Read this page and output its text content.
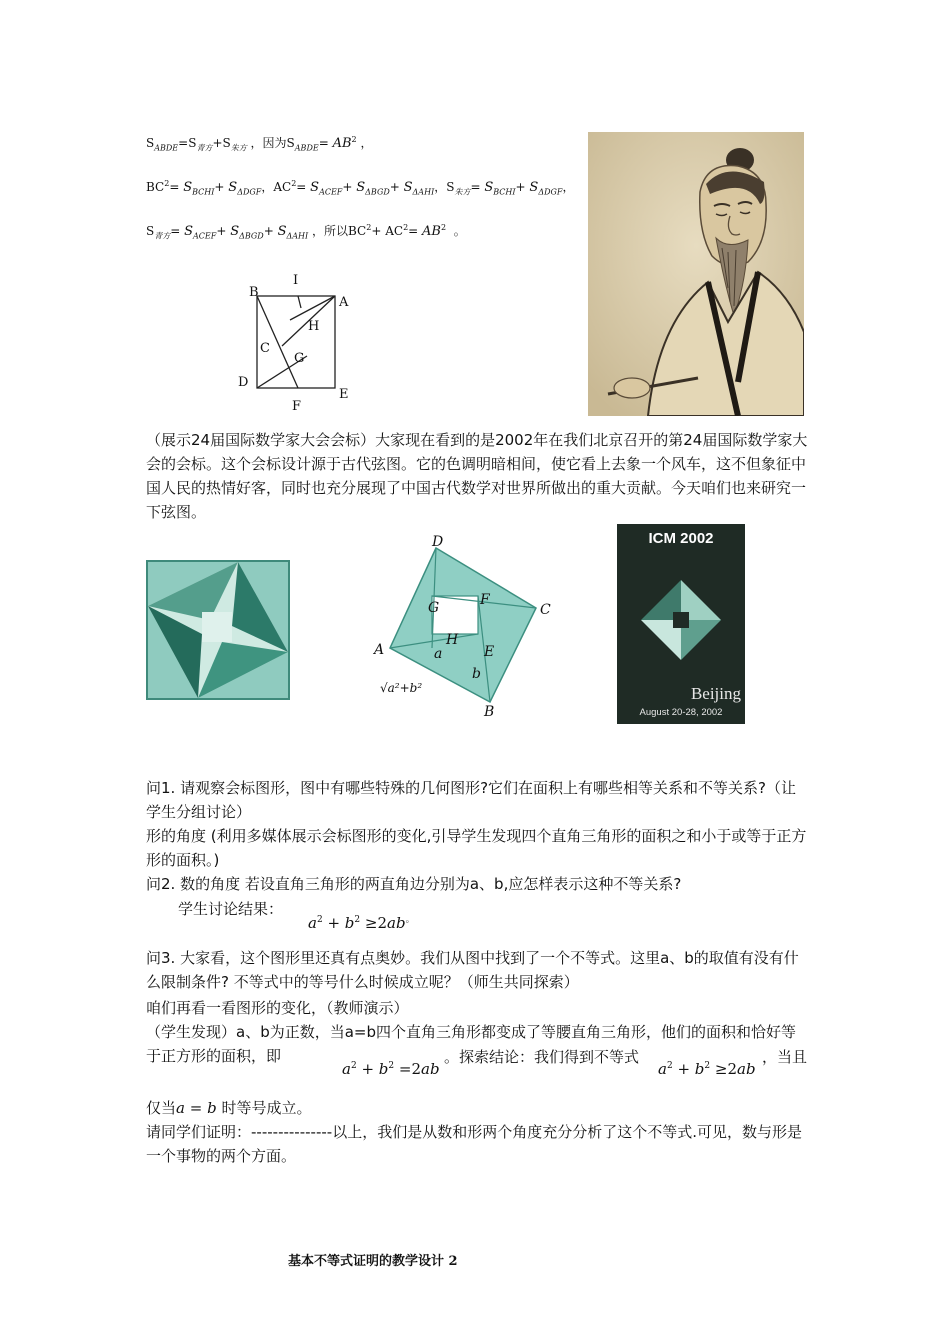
$S_{ABDE}=S_{青方}+S_{朱方}$ ，因为$S_{ABDE}= AB^2$ ，
$BC^2= S_{BCHI}+ S_{\Delta DGF}$，$AC^2= S_{ACEF}+ S_{\Delta BGD}+ S_{\Delta AHI}$，$S_{朱方}= S_{BCHI}+ S_{\Delta DGF}$，
$S_{青方}= S_{ACEF}+ S_{\Delta BGD}+ S_{\Delta AHI}$ ，所以$BC^2+ AC^2= AB^2$ 。
B
I
A
H
C
G
D
E
F
（展示24届国际数学家大会会标）大家现在看到的是2002年在我们北京召开的第24届国际数学家大会的会标。这个会标设计源于古代弦图。它的色调明暗相间，使它看上去象一个风车，这不但象征中国人民的热情好客，同时也充分展现了中国古代数学对世界所做出的重大贡献。今天咱们也来研究一下弦图。
D
G	F
C
H
A	a	E
b
B
√a²+b²
ICM 2002
Beijing
August 20-28, 2002
问1. 请观察会标图形，图中有哪些特殊的几何图形?它们在面积上有哪些相等关系和不等关系?（让学生分组讨论）
形的角度 (利用多媒体展示会标图形的变化,引导学生发现四个直角三角形的面积之和小于或等于正方形的面积。)
问2. 数的角度 若设直角三角形的两直角边分别为a、b,应怎样表示这种不等关系?
学生讨论结果：
$a^2 + b^2 \ge 2ab^。$
问3. 大家看，这个图形里还真有点奥妙。我们从图中找到了一个不等式。这里a、b的取值有没有什么限制条件? 不等式中的等号什么时候成立呢？（师生共同探索）
咱们再看一看图形的变化，（教师演示）
（学生发现）a、b为正数，当a=b四个直角三角形都变成了等腰直角三角形，他们的面积和恰好等于正方形的面积，即
$a^2 + b^2 =2ab$
。探索结论：我们得到不等式
$a^2 + b^2 \ge 2ab$
，当且
仅当a = b 时等号成立。
请同学们证明：---------------以上，我们是从数和形两个角度充分分析了这个不等式.可见，数与形是一个事物的两个方面。
基本不等式证明的教学设计 2
